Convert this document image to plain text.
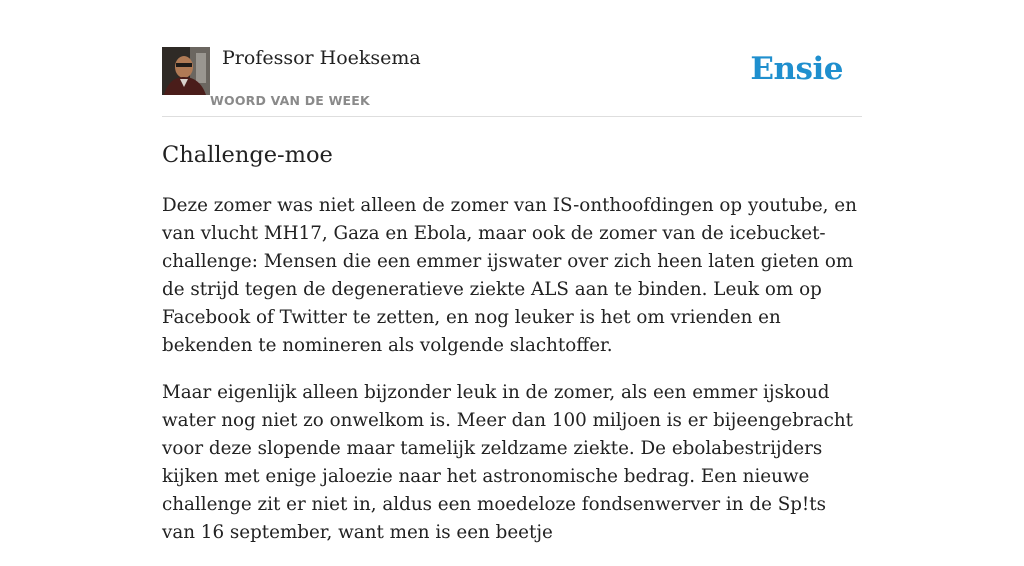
Professor Hoeksema
WOORD VAN DE WEEK
Ensie
Challenge-moe

Deze zomer was niet alleen de zomer van IS-onthoofdingen op youtube, en van vlucht MH17, Gaza en Ebola, maar ook de zomer van de icebucket-challenge: Mensen die een emmer ijswater over zich heen laten gieten om de strijd tegen de degeneratieve ziekte ALS aan te binden. Leuk om op Facebook of Twitter te zetten, en nog leuker is het om vrienden en bekenden te nomineren als volgende slachtoffer.

Maar eigenlijk alleen bijzonder leuk in de zomer, als een emmer ijskoud water nog niet zo onwelkom is. Meer dan 100 miljoen is er bijeengebracht voor deze slopende maar tamelijk zeldzame ziekte. De ebolabestrijders kijken met enige jaloezie naar het astronomische bedrag. Een nieuwe challenge zit er niet in, aldus een moedeloze fondsenwerver in de Sp!ts van 16 september, want men is een beetje
